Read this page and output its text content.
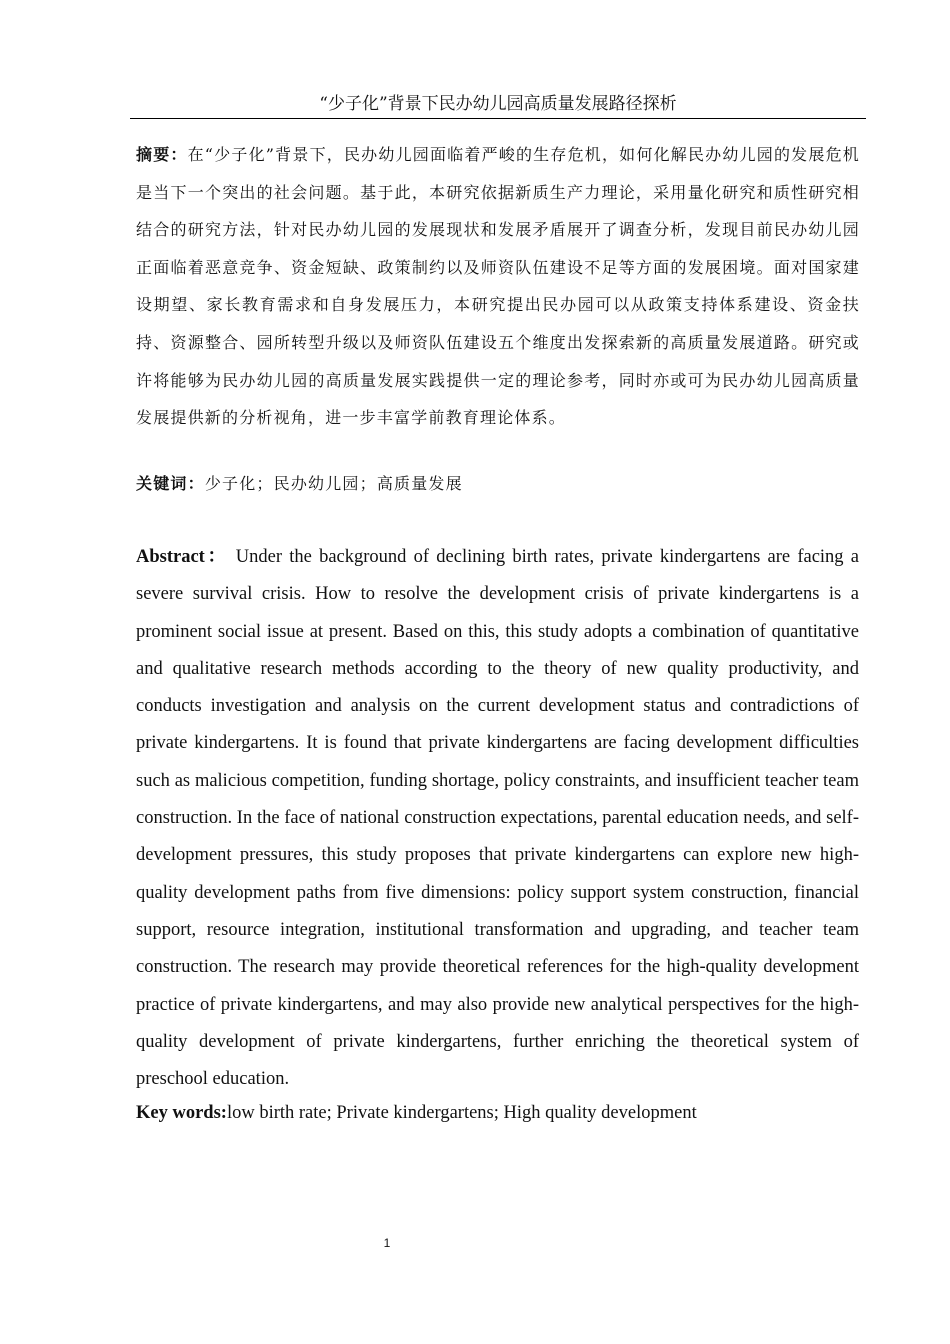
“少子化”背景下民办幼儿园高质量发展路径探析

摘要：在“少子化”背景下，民办幼儿园面临着严峻的生存危机，如何化解民办幼儿园的发展危机是当下一个突出的社会问题。基于此，本研究依据新质生产力理论，采用量化研究和质性研究相结合的研究方法，针对民办幼儿园的发展现状和发展矛盾展开了调查分析，发现目前民办幼儿园正面临着恶意竞争、资金短缺、政策制约以及师资队伍建设不足等方面的发展困境。面对国家建设期望、家长教育需求和自身发展压力，本研究提出民办园可以从政策支持体系建设、资金扶持、资源整合、园所转型升级以及师资队伍建设五个维度出发探索新的高质量发展道路。研究或许将能够为民办幼儿园的高质量发展实践提供一定的理论参考，同时亦或可为民办幼儿园高质量发展提供新的分析视角，进一步丰富学前教育理论体系。

关键词：少子化；民办幼儿园；高质量发展

Abstract： Under the background of declining birth rates, private kindergartens are facing a severe survival crisis. How to resolve the development crisis of private kindergartens is a prominent social issue at present. Based on this, this study adopts a combination of quantitative and qualitative research methods according to the theory of new quality productivity, and conducts investigation and analysis on the current development status and contradictions of private kindergartens. It is found that private kindergartens are facing development difficulties such as malicious competition, funding shortage, policy constraints, and insufficient teacher team construction. In the face of national construction expectations, parental education needs, and self-development pressures, this study proposes that private kindergartens can explore new high-quality development paths from five dimensions: policy support system construction, financial support, resource integration, institutional transformation and upgrading, and teacher team construction. The research may provide theoretical references for the high-quality development practice of private kindergartens, and may also provide new analytical perspectives for the high-quality development of private kindergartens, further enriching the theoretical system of preschool education.

Key words:low birth rate; Private kindergartens; High quality development

1
